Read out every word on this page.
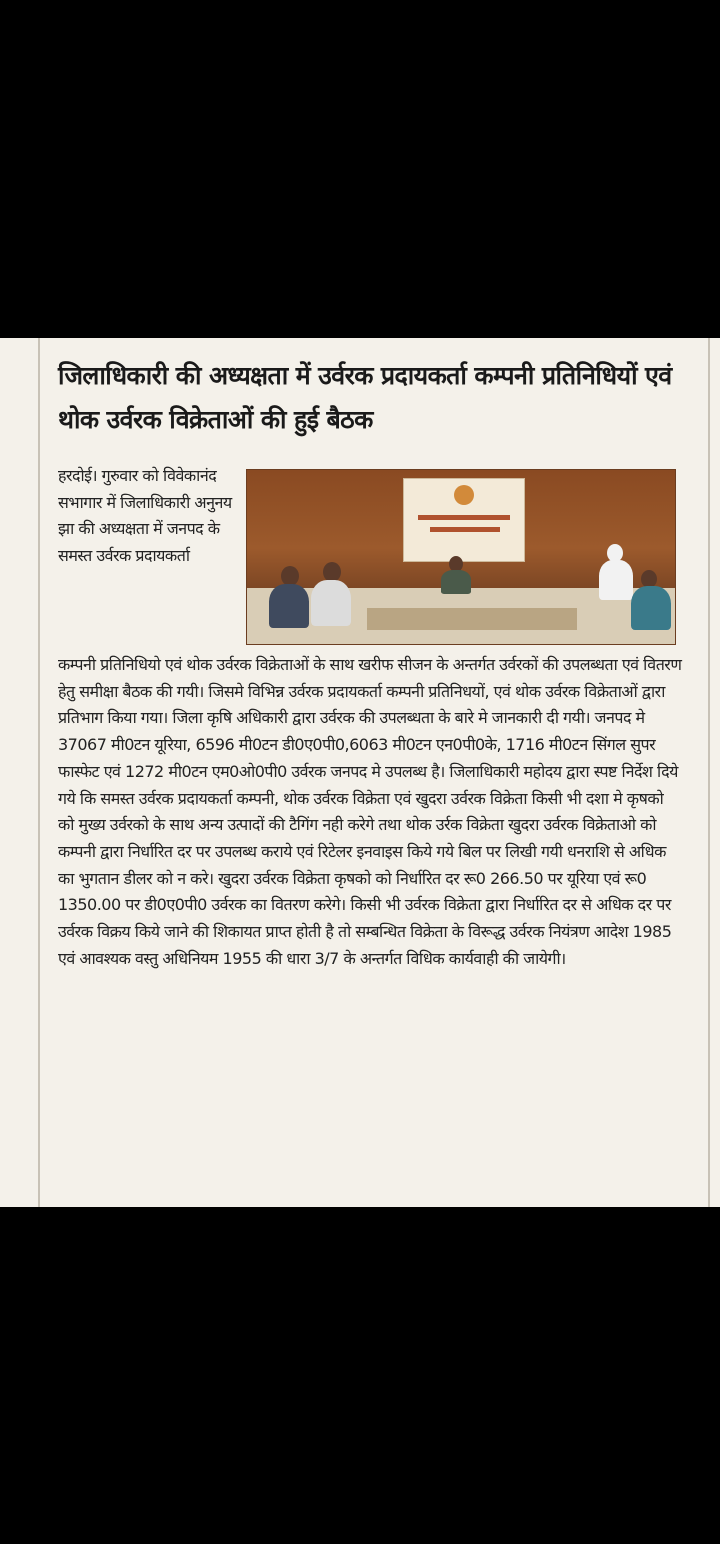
जिलाधिकारी की अध्यक्षता में उर्वरक प्रदायकर्ता कम्पनी प्रतिनिधियों एवं थोक उर्वरक विक्रेताओं की हुई बैठक

हरदोई। गुरुवार को विवेकानंद सभागार में जिलाधिकारी अनुनय झा की अध्यक्षता में जनपद के समस्त उर्वरक प्रदायकर्ता

कम्पनी प्रतिनिधियो एवं थोक उर्वरक विक्रेताओं के साथ खरीफ सीजन के अन्तर्गत उर्वरकों की उपलब्धता एवं वितरण हेतु समीक्षा बैठक की गयी। जिसमे विभिन्न उर्वरक प्रदायकर्ता कम्पनी प्रतिनिधयों, एवं थोक उर्वरक विक्रेताओं द्वारा प्रतिभाग किया गया। जिला कृषि अधिकारी द्वारा उर्वरक की उपलब्धता के बारे मे जानकारी दी गयी। जनपद मे 37067 मी0टन यूरिया, 6596 मी0टन डी0ए0पी0,6063 मी0टन एन0पी0के, 1716 मी0टन सिंगल सुपर फास्फेट एवं 1272 मी0टन एम0ओ0पी0 उर्वरक जनपद मे उपलब्ध है। जिलाधिकारी महोदय द्वारा स्पष्ट निर्देश दिये गये कि समस्त उर्वरक प्रदायकर्ता कम्पनी, थोक उर्वरक विक्रेता एवं खुदरा उर्वरक विक्रेता किसी भी दशा मे कृषको को मुख्य उर्वरको के साथ अन्य उत्पादों की टैगिंग नही करेगे तथा थोक उर्रक विक्रेता खुदरा उर्वरक विक्रेताओ को कम्पनी द्वारा निर्धारित दर पर उपलब्ध कराये एवं रिटेलर इनवाइस किये गये बिल पर लिखी गयी धनराशि से अधिक का भुगतान डीलर को न करे। खुदरा उर्वरक विक्रेता कृषको को निर्धारित दर रू0 266.50 पर यूरिया एवं रू0 1350.00 पर डी0ए0पी0 उर्वरक का वितरण करेगे। किसी भी उर्वरक विक्रेता द्वारा निर्धारित दर से अधिक दर पर उर्वरक विक्रय किये जाने की शिकायत प्राप्त होती है तो सम्बन्धित विक्रेता के विरूद्ध उर्वरक नियंत्रण आदेश 1985 एवं आवश्यक वस्तु अधिनियम 1955 की धारा 3/7 के अन्तर्गत विधिक कार्यवाही की जायेगी।
